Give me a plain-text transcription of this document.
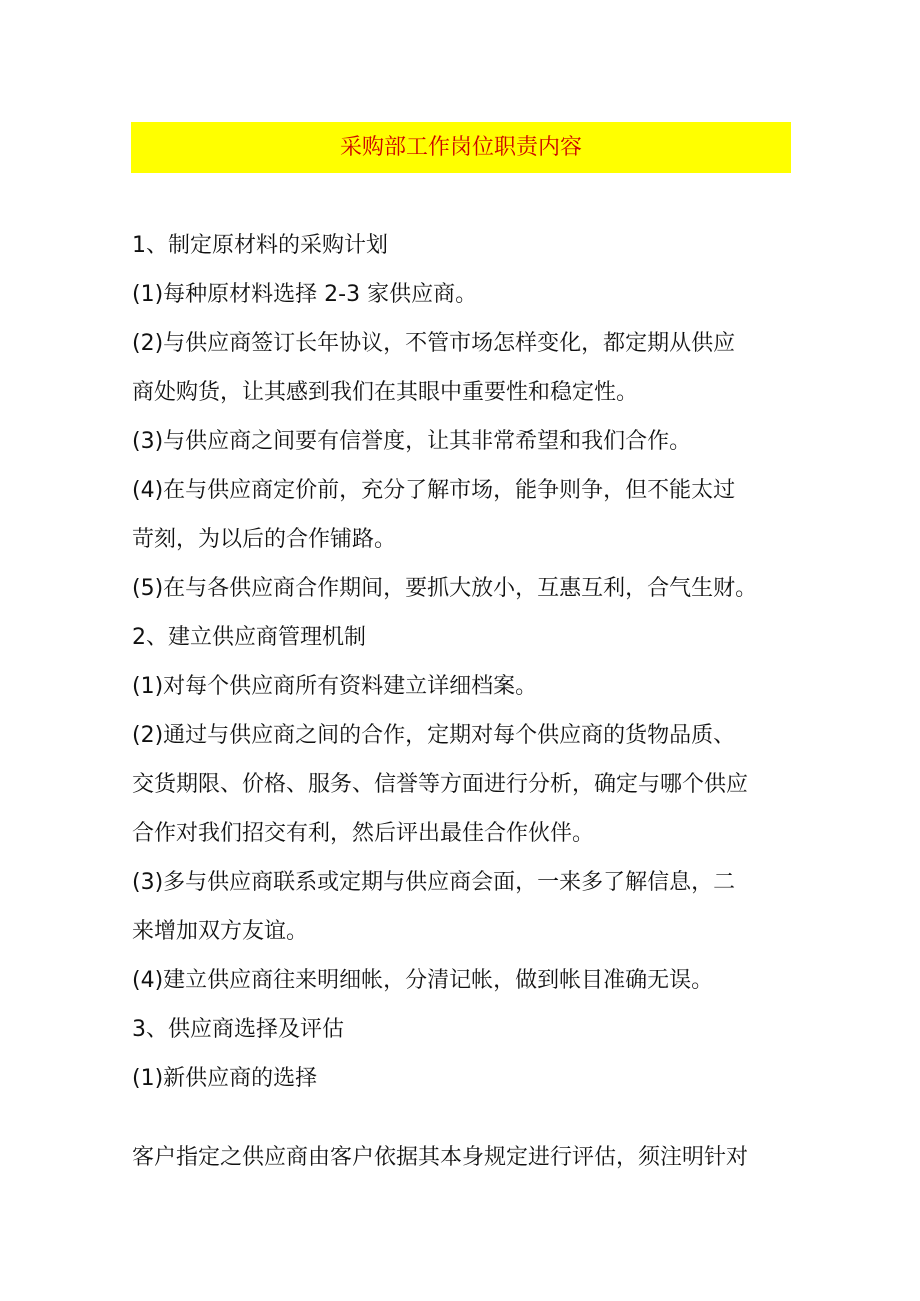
采购部工作岗位职责内容
1、制定原材料的采购计划
(1)每种原材料选择 2-3 家供应商。
(2)与供应商签订长年协议，不管市场怎样变化，都定期从供应
商处购货，让其感到我们在其眼中重要性和稳定性。
(3)与供应商之间要有信誉度，让其非常希望和我们合作。
(4)在与供应商定价前，充分了解市场，能争则争，但不能太过
苛刻，为以后的合作铺路。
(5)在与各供应商合作期间，要抓大放小，互惠互利，合气生财。
2、建立供应商管理机制
(1)对每个供应商所有资料建立详细档案。
(2)通过与供应商之间的合作，定期对每个供应商的货物品质、
交货期限、价格、服务、信誉等方面进行分析，确定与哪个供应
合作对我们招交有利，然后评出最佳合作伙伴。
(3)多与供应商联系或定期与供应商会面，一来多了解信息，二
来增加双方友谊。
(4)建立供应商往来明细帐，分清记帐，做到帐目准确无误。
3、供应商选择及评估
(1)新供应商的选择
客户指定之供应商由客户依据其本身规定进行评估，须注明针对
